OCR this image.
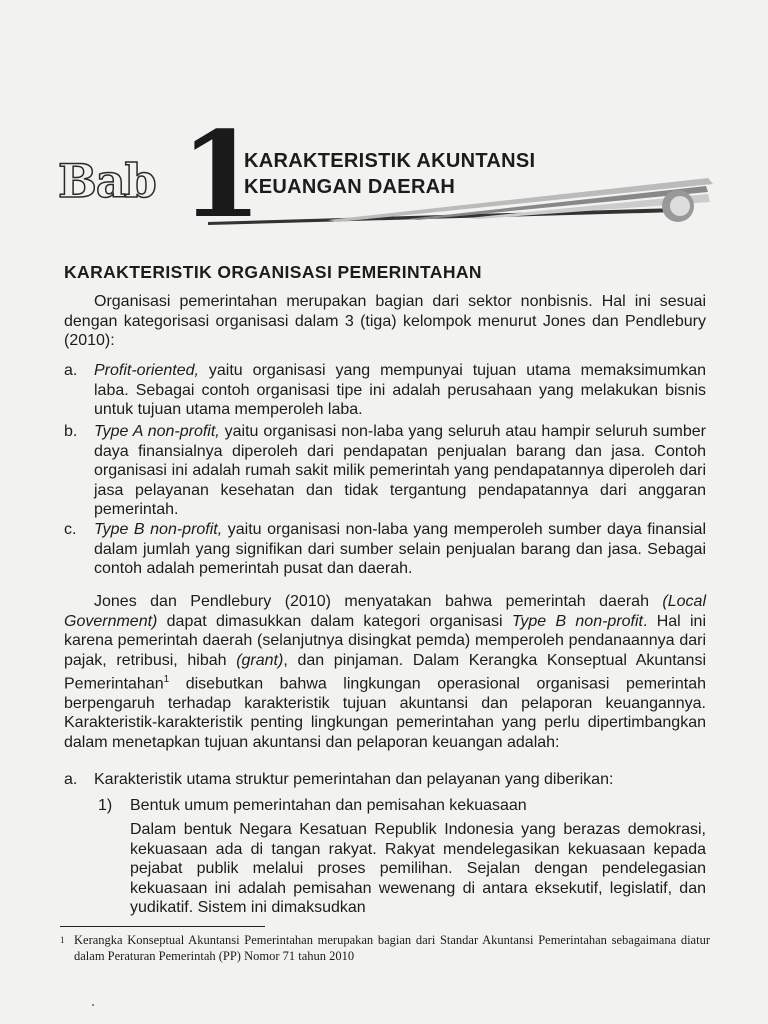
Bab 1
KARAKTERISTIK AKUNTANSI
KEUANGAN DAERAH
KARAKTERISTIK ORGANISASI PEMERINTAHAN
Organisasi pemerintahan merupakan bagian dari sektor nonbisnis. Hal ini sesuai dengan kategorisasi organisasi dalam 3 (tiga) kelompok menurut Jones dan Pendlebury (2010):
a.	Profit-oriented, yaitu organisasi yang mempunyai tujuan utama memaksimumkan laba. Sebagai contoh organisasi tipe ini adalah perusahaan yang melakukan bisnis untuk tujuan utama memperoleh laba.
b.	Type A non-profit, yaitu organisasi non-laba yang seluruh atau hampir seluruh sumber daya finansialnya diperoleh dari pendapatan penjualan barang dan jasa. Contoh organisasi ini adalah rumah sakit milik pemerintah yang pendapatannya diperoleh dari jasa pelayanan kesehatan dan tidak tergantung pendapatannya dari anggaran pemerintah.
c.	Type B non-profit, yaitu organisasi non-laba yang memperoleh sumber daya finansial dalam jumlah yang signifikan dari sumber selain penjualan barang dan jasa. Sebagai contoh adalah pemerintah pusat dan daerah.
Jones dan Pendlebury (2010) menyatakan bahwa pemerintah daerah (Local Government) dapat dimasukkan dalam kategori organisasi Type B non-profit. Hal ini karena pemerintah daerah (selanjutnya disingkat pemda) memperoleh pendanaannya dari pajak, retribusi, hibah (grant), dan pinjaman. Dalam Kerangka Konseptual Akuntansi Pemerintahan$^1$ disebutkan bahwa lingkungan operasional organisasi pemerintah berpengaruh terhadap karakteristik tujuan akuntansi dan pelaporan keuangannya. Karakteristik-karakteristik penting lingkungan pemerintahan yang perlu dipertimbangkan dalam menetapkan tujuan akuntansi dan pelaporan keuangan adalah:
a.	Karakteristik utama struktur pemerintahan dan pelayanan yang diberikan:
1) Bentuk umum pemerintahan dan pemisahan kekuasaan
Dalam bentuk Negara Kesatuan Republik Indonesia yang berazas demokrasi, kekuasaan ada di tangan rakyat. Rakyat mendelegasikan kekuasaan kepada pejabat publik melalui proses pemilihan. Sejalan dengan pendelegasian kekuasaan ini adalah pemisahan wewenang di antara eksekutif, legislatif, dan yudikatif. Sistem ini dimaksudkan
1 Kerangka Konseptual Akuntansi Pemerintahan merupakan bagian dari Standar Akuntansi Pemerintahan sebagaimana diatur dalam Peraturan Pemerintah (PP) Nomor 71 tahun 2010
